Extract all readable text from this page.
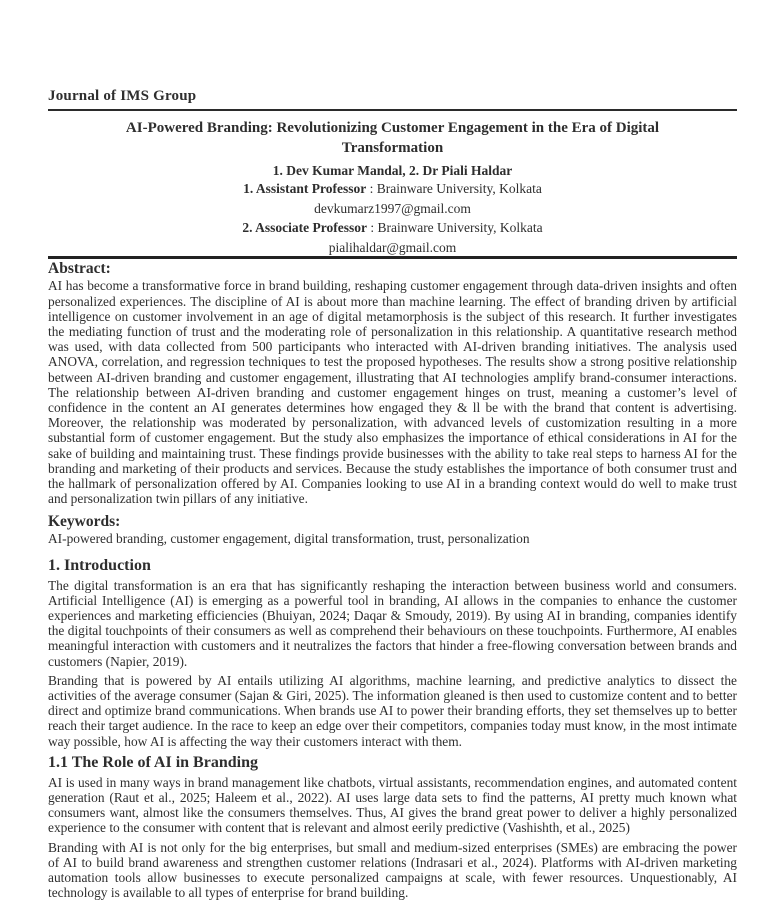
Journal of IMS Group
AI-Powered Branding: Revolutionizing Customer Engagement in the Era of Digital Transformation
1. Dev Kumar Mandal, 2. Dr Piali Haldar
1. Assistant Professor : Brainware University, Kolkata
devkumarz1997@gmail.com
2. Associate Professor : Brainware University, Kolkata
pialihaldar@gmail.com
Abstract:

AI has become a transformative force in brand building, reshaping customer engagement through data-driven insights and often personalized experiences. The discipline of AI is about more than machine learning. The effect of branding driven by artificial intelligence on customer involvement in an age of digital metamorphosis is the subject of this research. It further investigates the mediating function of trust and the moderating role of personalization in this relationship. A quantitative research method was used, with data collected from 500 participants who interacted with AI-driven branding initiatives. The analysis used ANOVA, correlation, and regression techniques to test the proposed hypotheses. The results show a strong positive relationship between AI-driven branding and customer engagement, illustrating that AI technologies amplify brand-consumer interactions. The relationship between AI-driven branding and customer engagement hinges on trust, meaning a customer’s level of confidence in the content an AI generates determines how engaged they & ll be with the brand that content is advertising. Moreover, the relationship was moderated by personalization, with advanced levels of customization resulting in a more substantial form of customer engagement. But the study also emphasizes the importance of ethical considerations in AI for the sake of building and maintaining trust. These findings provide businesses with the ability to take real steps to harness AI for the branding and marketing of their products and services. Because the study establishes the importance of both consumer trust and the hallmark of personalization offered by AI. Companies looking to use AI in a branding context would do well to make trust and personalization twin pillars of any initiative.

Keywords:

AI-powered branding, customer engagement, digital transformation, trust, personalization

1. Introduction

The digital transformation is an era that has significantly reshaping the interaction between business world and consumers. Artificial Intelligence (AI) is emerging as a powerful tool in branding, AI allows in the companies to enhance the customer experiences and marketing efficiencies (Bhuiyan, 2024; Daqar & Smoudy, 2019). By using AI in branding, companies identify the digital touchpoints of their consumers as well as comprehend their behaviours on these touchpoints. Furthermore, AI enables meaningful interaction with customers and it neutralizes the factors that hinder a free-flowing conversation between brands and customers (Napier, 2019).

Branding that is powered by AI entails utilizing AI algorithms, machine learning, and predictive analytics to dissect the activities of the average consumer (Sajan & Giri, 2025). The information gleaned is then used to customize content and to better direct and optimize brand communications. When brands use AI to power their branding efforts, they set themselves up to better reach their target audience. In the race to keep an edge over their competitors, companies today must know, in the most intimate way possible, how AI is affecting the way their customers interact with them.

1.1 The Role of AI in Branding

AI is used in many ways in brand management like chatbots, virtual assistants, recommendation engines, and automated content generation (Raut et al., 2025; Haleem et al., 2022). AI uses large data sets to find the patterns, AI pretty much known what consumers want, almost like the consumers themselves. Thus, AI gives the brand great power to deliver a highly personalized experience to the consumer with content that is relevant and almost eerily predictive (Vashishth, et al., 2025)

Branding with AI is not only for the big enterprises, but small and medium-sized enterprises (SMEs) are embracing the power of AI to build brand awareness and strengthen customer relations (Indrasari et al., 2024). Platforms with AI-driven marketing automation tools allow businesses to execute personalized campaigns at scale, with fewer resources. Unquestionably, AI technology is available to all types of enterprise for brand building.
